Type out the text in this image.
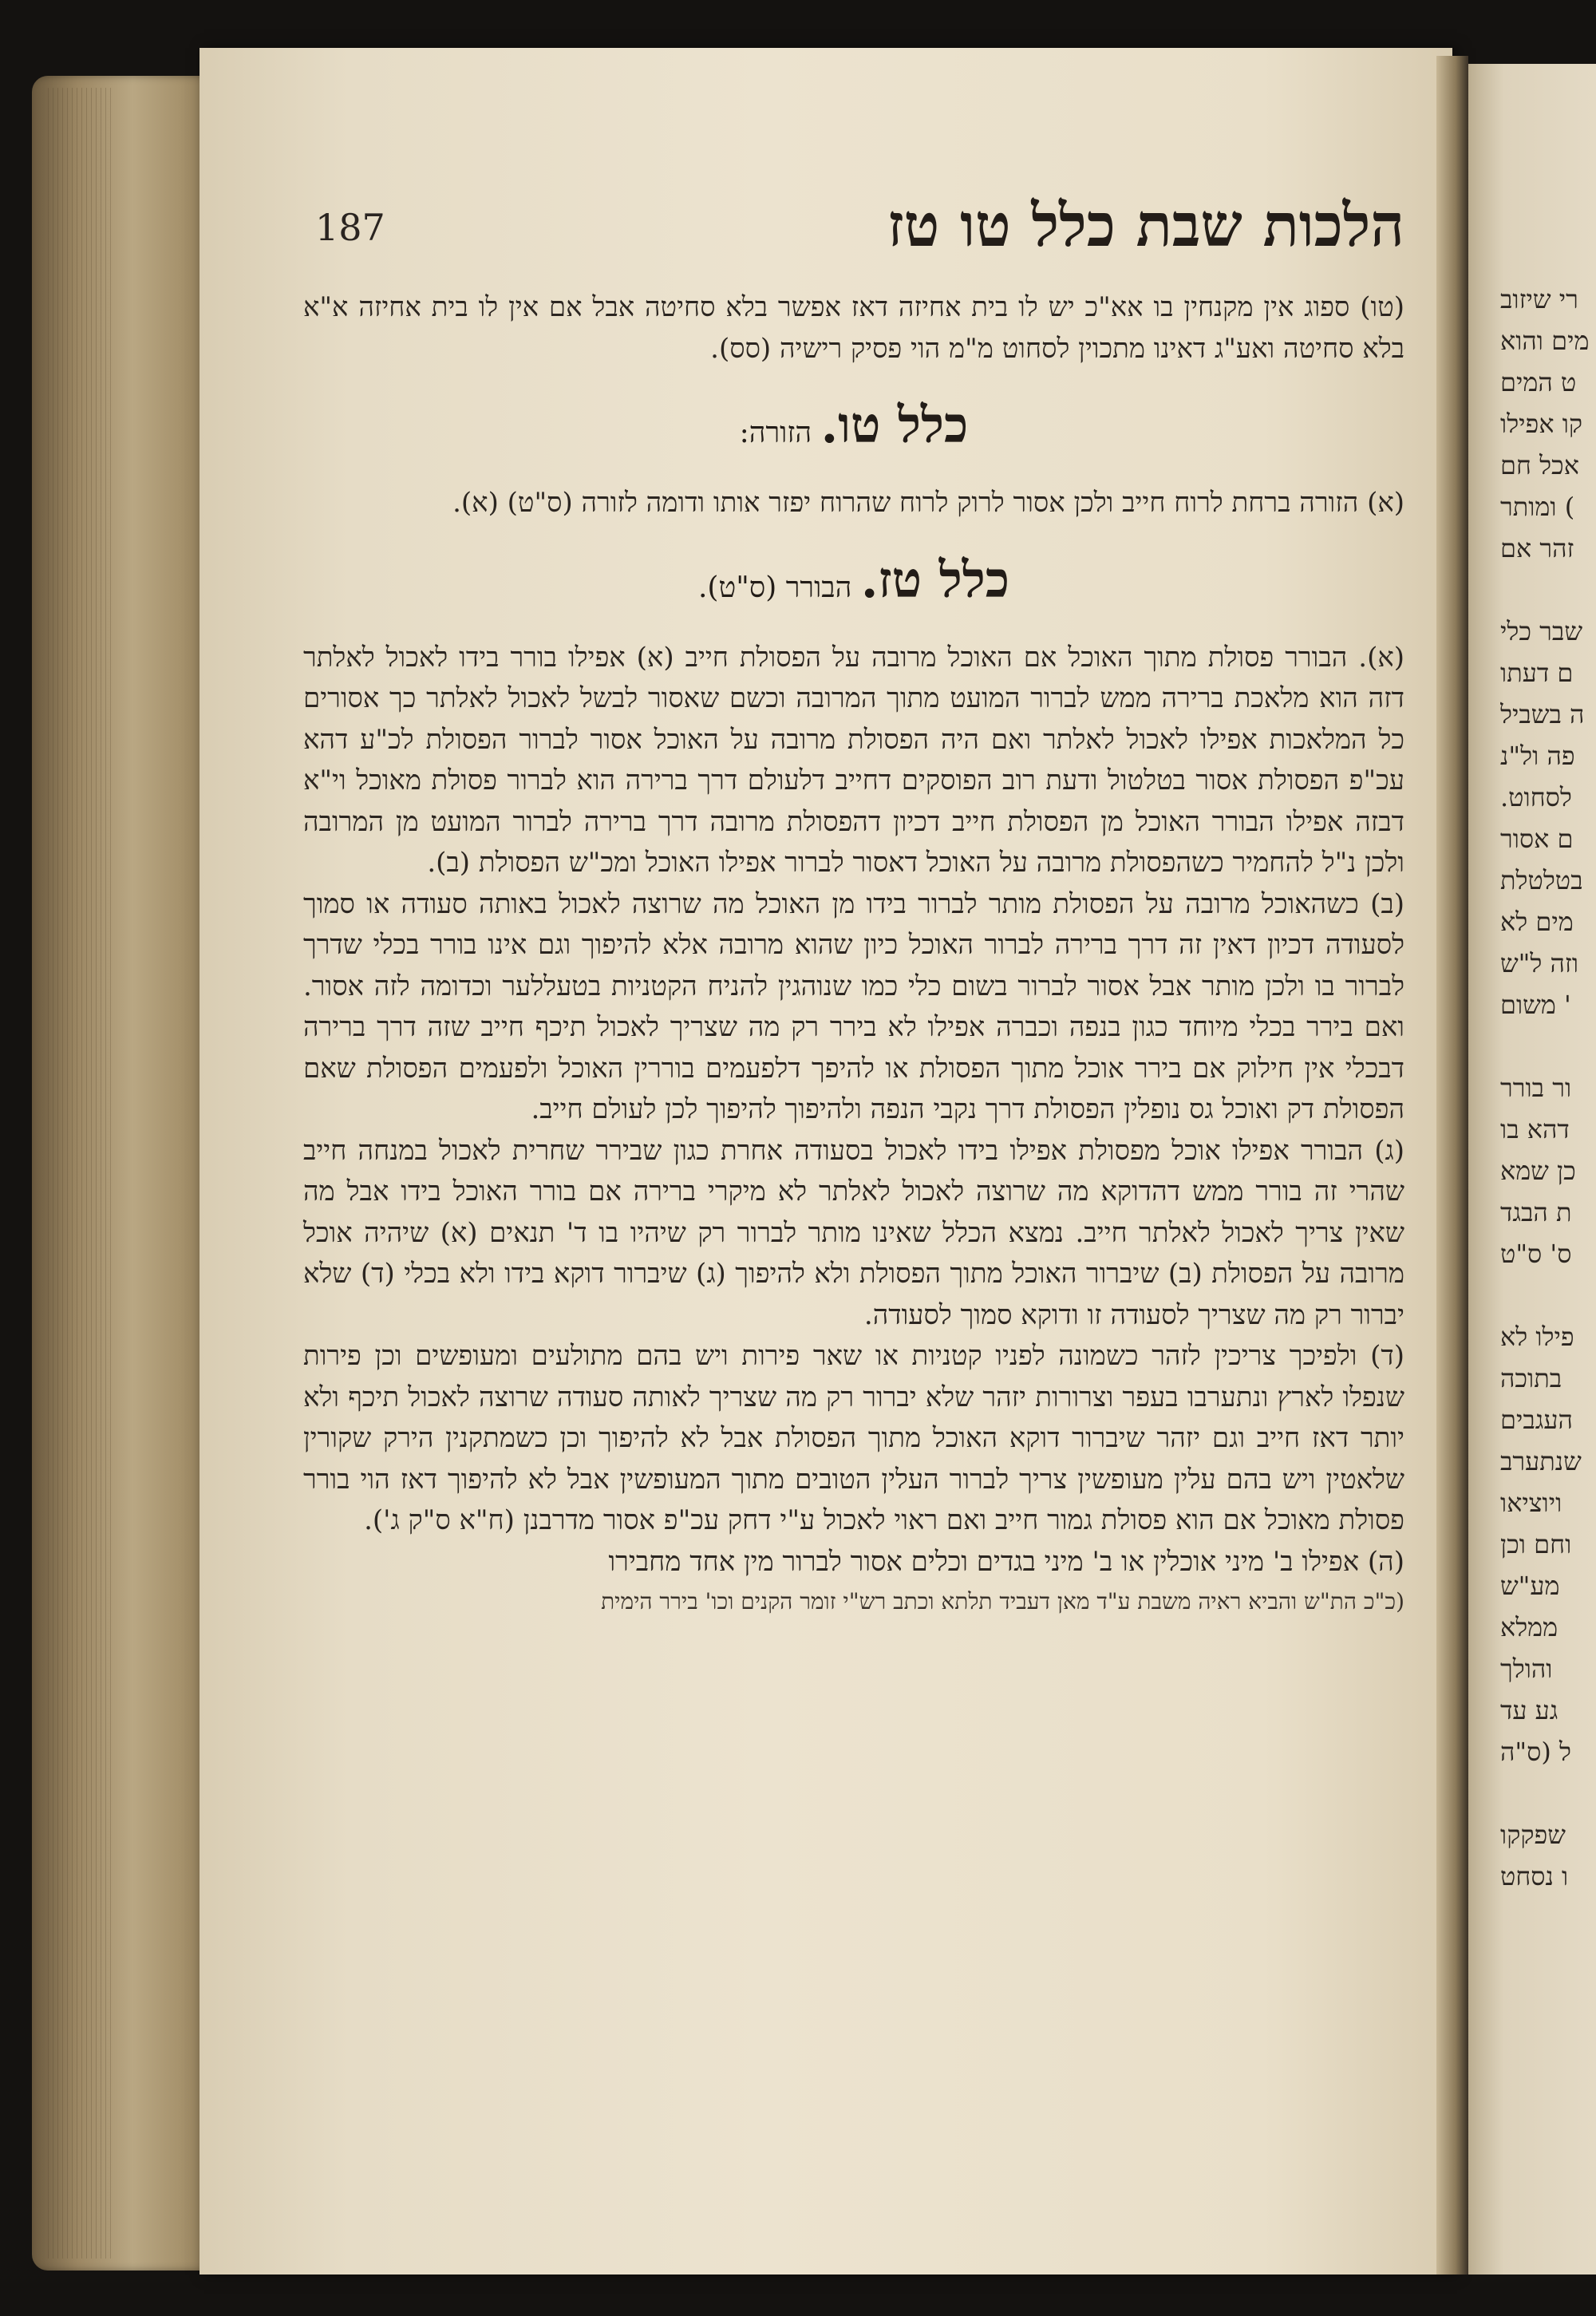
רי שיזוב
מים והוא
ט המים
קו אפילו
אכל חם
) ומותר
זהר אם

שבר כלי
ם דעתו
ה בשביל
פה ול"נ
לסחוט.
ם אסור
בטלטלת
מים לא
וזה ל"ש
' משום

ור בורר
דהא בו
כן שמא
ת הבגד
ס' ס"ט

פילו לא
בתוכה
העגבים
שנתערב
ויוציאו
וחם וכן
מע"ש
ממלא
והולך
גע עד
ל (ס"ה

שפקקו
ו נסחט
187	הלכות שבת כלל טו טז

(טו) ספוג אין מקנחין בו אא"כ יש לו בית אחיזה דאז אפשר בלא סחיטה אבל אם אין לו בית אחיזה א"א בלא סחיטה ואע"ג דאינו מתכוין לסחוט מ"מ הוי פסיק רישיה (סס).

כלל טו. הזורה:

(א) הזורה ברחת לרוח חייב ולכן אסור לרוק לרוח שהרוח יפזר אותו ודומה לזורה (ס"ט) (א).

כלל טז. הבורר (ס"ט).

(א). הבורר פסולת מתוך האוכל אם האוכל מרובה על הפסולת חייב (א) אפילו בורר בידו לאכול לאלתר דזה הוא מלאכת ברירה ממש לברור המועט מתוך המרובה וכשם שאסור לבשל לאכול לאלתר כך אסורים כל המלאכות אפילו לאכול לאלתר ואם היה הפסולת מרובה על האוכל אסור לברור הפסולת לכ"ע דהא עכ"פ הפסולת אסור בטלטול ודעת רוב הפוסקים דחייב דלעולם דרך ברירה הוא לברור פסולת מאוכל וי"א דבזה אפילו הבורר האוכל מן הפסולת חייב דכיון דהפסולת מרובה דרך ברירה לברור המועט מן המרובה ולכן נ"ל להחמיר כשהפסולת מרובה על האוכל דאסור לברור אפילו האוכל ומכ"ש הפסולת (ב).

(ב) כשהאוכל מרובה על הפסולת מותר לברור בידו מן האוכל מה שרוצה לאכול באותה סעודה או סמוך לסעודה דכיון דאין זה דרך ברירה לברור האוכל כיון שהוא מרובה אלא להיפוך וגם אינו בורר בכלי שדרך לברור בו ולכן מותר אבל אסור לברור בשום כלי כמו שנוהגין להניח הקטניות בטעללער וכדומה לזה אסור. ואם בירר בכלי מיוחד כגון בנפה וכברה אפילו לא בירר רק מה שצריך לאכול תיכף חייב שזה דרך ברירה דבכלי אין חילוק אם בירר אוכל מתוך הפסולת או להיפך דלפעמים בוררין האוכל ולפעמים הפסולת שאם הפסולת דק ואוכל גס נופלין הפסולת דרך נקבי הנפה ולהיפוך להיפוך לכן לעולם חייב.

(ג) הבורר אפילו אוכל מפסולת אפילו בידו לאכול בסעודה אחרת כגון שבירר שחרית לאכול במנחה חייב שהרי זה בורר ממש דהדוקא מה שרוצה לאכול לאלתר לא מיקרי ברירה אם בורר האוכל בידו אבל מה שאין צריך לאכול לאלתר חייב. נמצא הכלל שאינו מותר לברור רק שיהיו בו ד' תנאים (א) שיהיה אוכל מרובה על הפסולת (ב) שיברור האוכל מתוך הפסולת ולא להיפוך (ג) שיברור דוקא בידו ולא בכלי (ד) שלא יברור רק מה שצריך לסעודה זו ודוקא סמוך לסעודה.

(ד) ולפיכך צריכין לזהר כשמונה לפניו קטניות או שאר פירות ויש בהם מתולעים ומעופשים וכן פירות שנפלו לארץ ונתערבו בעפר וצרורות יזהר שלא יברור רק מה שצריך לאותה סעודה שרוצה לאכול תיכף ולא יותר דאז חייב וגם יזהר שיברור דוקא האוכל מתוך הפסולת אבל לא להיפוך וכן כשמתקנין הירק שקורין שלאטין ויש בהם עלין מעופשין צריך לברור העלין הטובים מתוך המעופשין אבל לא להיפוך דאז הוי בורר פסולת מאוכל אם הוא פסולת גמור חייב ואם ראוי לאכול ע"י דחק עכ"פ אסור מדרבנן (ח"א ס"ק ג').

(ה) אפילו ב' מיני אוכלין או ב' מיני בגדים וכלים אסור לברור מין אחד מחבירו

(כ"כ הת"ש והביא ראיה משבת ע"ד מאן דעביד תלתא וכתב רש"י זומר הקנים וכו' בירר הימית
